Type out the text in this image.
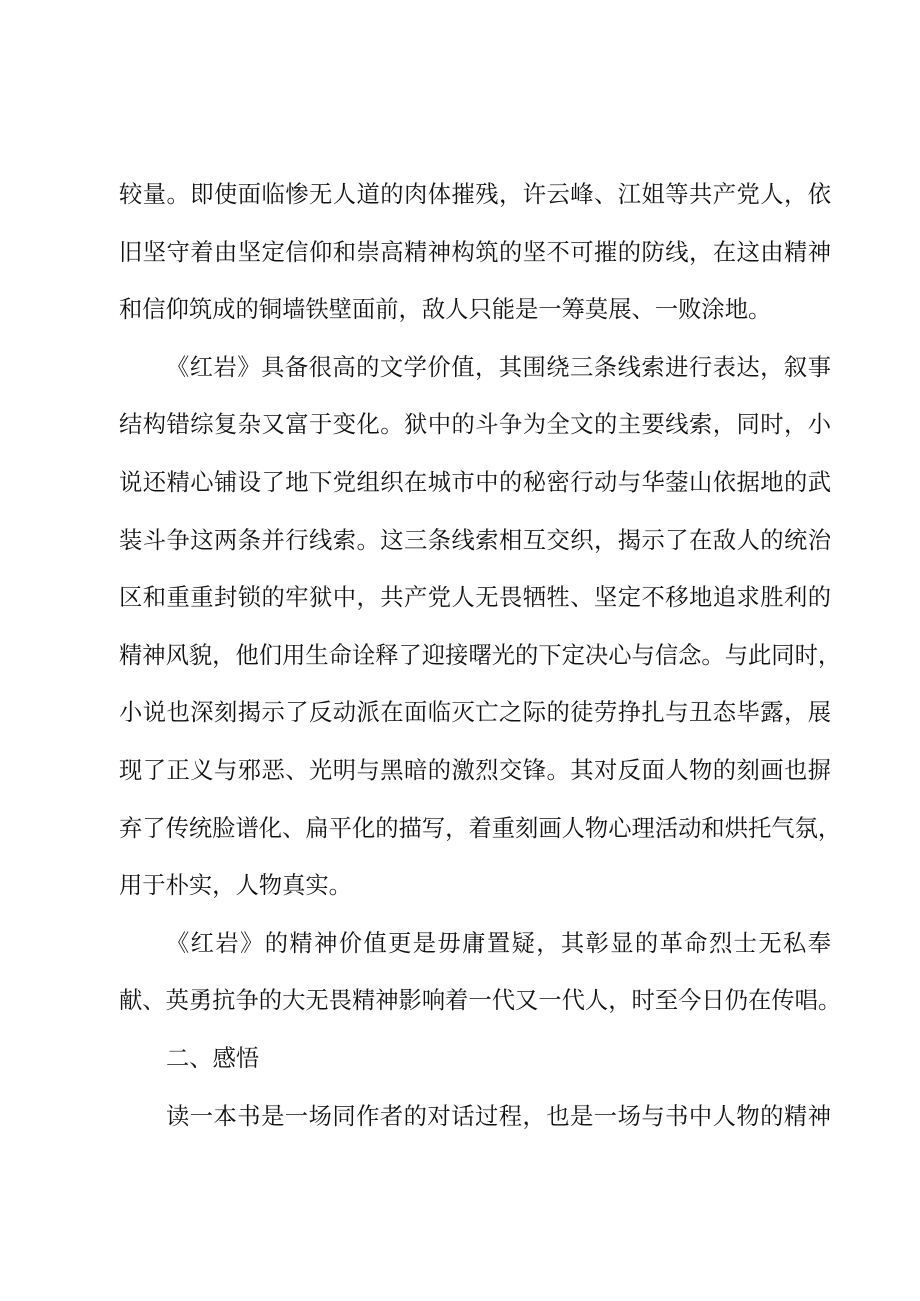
较量。即使面临惨无人道的肉体摧残，许云峰、江姐等共产党人，依
旧坚守着由坚定信仰和崇高精神构筑的坚不可摧的防线，在这由精神
和信仰筑成的铜墙铁壁面前，敌人只能是一筹莫展、一败涂地。
《红岩》具备很高的文学价值，其围绕三条线索进行表达，叙事
结构错综复杂又富于变化。狱中的斗争为全文的主要线索，同时，小
说还精心铺设了地下党组织在城市中的秘密行动与华蓥山依据地的武
装斗争这两条并行线索。这三条线索相互交织，揭示了在敌人的统治
区和重重封锁的牢狱中，共产党人无畏牺牲、坚定不移地追求胜利的
精神风貌，他们用生命诠释了迎接曙光的下定决心与信念。与此同时，
小说也深刻揭示了反动派在面临灭亡之际的徒劳挣扎与丑态毕露，展
现了正义与邪恶、光明与黑暗的激烈交锋。其对反面人物的刻画也摒
弃了传统脸谱化、扁平化的描写，着重刻画人物心理活动和烘托气氛，
用于朴实，人物真实。
《红岩》的精神价值更是毋庸置疑，其彰显的革命烈士无私奉
献、英勇抗争的大无畏精神影响着一代又一代人，时至今日仍在传唱。
二、感悟
读一本书是一场同作者的对话过程，也是一场与书中人物的精神
